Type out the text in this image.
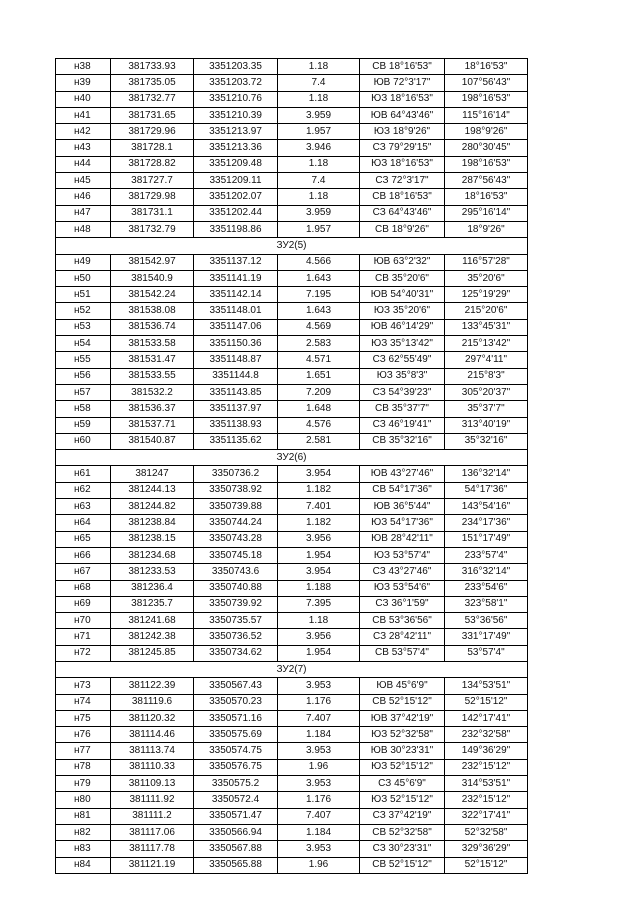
н38	381733.93	3351203.35	1.18	СВ 18°16'53"	18°16'53"
н39	381735.05	3351203.72	7.4	ЮВ 72°3'17"	107°56'43"
н40	381732.77	3351210.76	1.18	ЮЗ 18°16'53"	198°16'53"
н41	381731.65	3351210.39	3.959	ЮВ 64°43'46"	115°16'14"
н42	381729.96	3351213.97	1.957	ЮЗ 18°9'26"	198°9'26"
н43	381728.1	3351213.36	3.946	СЗ 79°29'15"	280°30'45"
н44	381728.82	3351209.48	1.18	ЮЗ 18°16'53"	198°16'53"
н45	381727.7	3351209.11	7.4	СЗ 72°3'17"	287°56'43"
н46	381729.98	3351202.07	1.18	СВ 18°16'53"	18°16'53"
н47	381731.1	3351202.44	3.959	СЗ 64°43'46"	295°16'14"
н48	381732.79	3351198.86	1.957	СВ 18°9'26"	18°9'26"
ЗУ2(5)					
н49	381542.97	3351137.12	4.566	ЮВ 63°2'32"	116°57'28"
н50	381540.9	3351141.19	1.643	СВ 35°20'6"	35°20'6"
н51	381542.24	3351142.14	7.195	ЮВ 54°40'31"	125°19'29"
н52	381538.08	3351148.01	1.643	ЮЗ 35°20'6"	215°20'6"
н53	381536.74	3351147.06	4.569	ЮВ 46°14'29"	133°45'31"
н54	381533.58	3351150.36	2.583	ЮЗ 35°13'42"	215°13'42"
н55	381531.47	3351148.87	4.571	СЗ 62°55'49"	297°4'11"
н56	381533.55	3351144.8	1.651	ЮЗ 35°8'3"	215°8'3"
н57	381532.2	3351143.85	7.209	СЗ 54°39'23"	305°20'37"
н58	381536.37	3351137.97	1.648	СВ 35°37'7"	35°37'7"
н59	381537.71	3351138.93	4.576	СЗ 46°19'41"	313°40'19"
н60	381540.87	3351135.62	2.581	СВ 35°32'16"	35°32'16"
ЗУ2(6)					
н61	381247	3350736.2	3.954	ЮВ 43°27'46"	136°32'14"
н62	381244.13	3350738.92	1.182	СВ 54°17'36"	54°17'36"
н63	381244.82	3350739.88	7.401	ЮВ 36°5'44"	143°54'16"
н64	381238.84	3350744.24	1.182	ЮЗ 54°17'36"	234°17'36"
н65	381238.15	3350743.28	3.956	ЮВ 28°42'11"	151°17'49"
н66	381234.68	3350745.18	1.954	ЮЗ 53°57'4"	233°57'4"
н67	381233.53	3350743.6	3.954	СЗ 43°27'46"	316°32'14"
н68	381236.4	3350740.88	1.188	ЮЗ 53°54'6"	233°54'6"
н69	381235.7	3350739.92	7.395	СЗ 36°1'59"	323°58'1"
н70	381241.68	3350735.57	1.18	СВ 53°36'56"	53°36'56"
н71	381242.38	3350736.52	3.956	СЗ 28°42'11"	331°17'49"
н72	381245.85	3350734.62	1.954	СВ 53°57'4"	53°57'4"
ЗУ2(7)					
н73	381122.39	3350567.43	3.953	ЮВ 45°6'9"	134°53'51"
н74	381119.6	3350570.23	1.176	СВ 52°15'12"	52°15'12"
н75	381120.32	3350571.16	7.407	ЮВ 37°42'19"	142°17'41"
н76	381114.46	3350575.69	1.184	ЮЗ 52°32'58"	232°32'58"
н77	381113.74	3350574.75	3.953	ЮВ 30°23'31"	149°36'29"
н78	381110.33	3350576.75	1.96	ЮЗ 52°15'12"	232°15'12"
н79	381109.13	3350575.2	3.953	СЗ 45°6'9"	314°53'51"
н80	381111.92	3350572.4	1.176	ЮЗ 52°15'12"	232°15'12"
н81	381111.2	3350571.47	7.407	СЗ 37°42'19"	322°17'41"
н82	381117.06	3350566.94	1.184	СВ 52°32'58"	52°32'58"
н83	381117.78	3350567.88	3.953	СЗ 30°23'31"	329°36'29"
н84	381121.19	3350565.88	1.96	СВ 52°15'12"	52°15'12"
